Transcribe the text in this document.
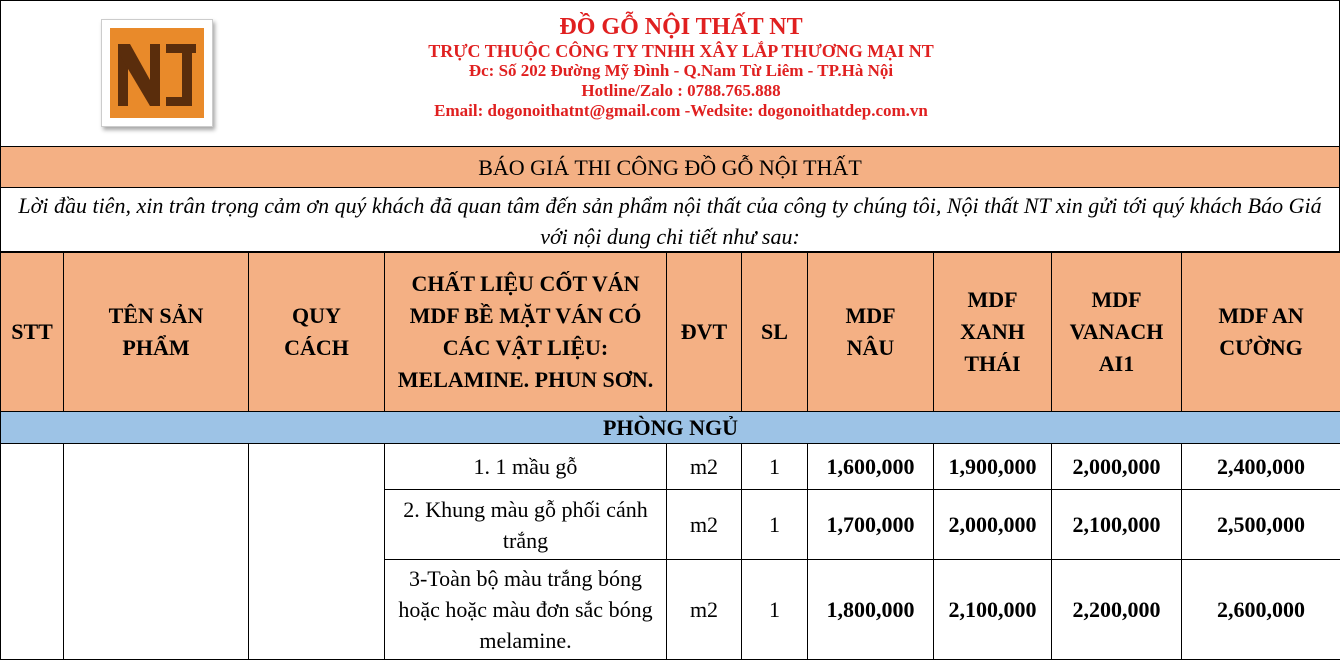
ĐỒ GỖ NỘI THẤT NT
TRỰC THUỘC CÔNG TY TNHH XÂY LẮP THƯƠNG MẠI NT
Đc: Số 202 Đường Mỹ Đình - Q.Nam Từ Liêm - TP.Hà Nội
Hotline/Zalo : 0788.765.888
Email: dogonoithatnt@gmail.com -Wedsite: dogonoithatdep.com.vn
BÁO GIÁ THI CÔNG ĐỒ GỖ NỘI THẤT
Lời đầu tiên, xin trân trọng cảm ơn quý khách đã quan tâm đến sản phẩm nội thất của công ty chúng tôi, Nội thất NT xin gửi tới quý khách Báo Giá với nội dung chi tiết như sau:
STT	TÊN SẢN PHẨM	QUY CÁCH	CHẤT LIỆU CỐT VÁN MDF BỀ MẶT VÁN CÓ CÁC VẬT LIỆU: MELAMINE. PHUN SƠN.	ĐVT	SL	MDF NÂU	MDF XANH THÁI	MDF VANACH AI1	MDF AN CƯỜNG
PHÒNG NGỦ									
			1. 1 mầu gỗ	m2	1	1,600,000	1,900,000	2,000,000	2,400,000
			2. Khung màu gỗ phối cánh trắng	m2	1	1,700,000	2,000,000	2,100,000	2,500,000
			3-Toàn bộ màu trắng bóng hoặc hoặc màu đơn sắc bóng melamine.	m2	1	1,800,000	2,100,000	2,200,000	2,600,000
